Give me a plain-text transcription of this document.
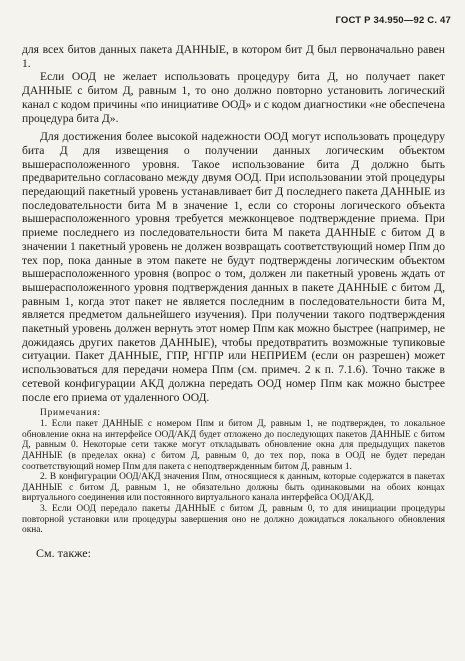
ГОСТ Р 34.950—92 С. 47

для всех битов данных пакета ДАННЫЕ, в котором бит Д был первоначально равен 1.

Если ООД не желает использовать процедуру бита Д, но получает пакет ДАННЫЕ с битом Д, равным 1, то оно должно повторно установить логический канал с кодом причины «по инициативе ООД» и с кодом диагностики «не обеспечена процедура бита Д».

Для достижения более высокой надежности ООД могут использовать процедуру бита Д для извещения о получении данных логическим объектом вышерасположенного уровня. Такое использование бита Д должно быть предварительно согласовано между двумя ООД. При использовании этой процедуры передающий пакетный уровень устанавливает бит Д последнего пакета ДАННЫЕ из последовательности бита М в значение 1, если со стороны логического объекта вышерасположенного уровня требуется межконцевое подтверждение приема. При приеме последнего из последовательности бита М пакета ДАННЫЕ с битом Д в значении 1 пакетный уровень не должен возвращать соответствующий номер Ппм до тех пор, пока данные в этом пакете не будут подтверждены логическим объектом вышерасположенного уровня (вопрос о том, должен ли пакетный уровень ждать от вышерасположенного уровня подтверждения данных в пакете ДАННЫЕ с битом Д, равным 1, когда этот пакет не является последним в последовательности бита М, является предметом дальнейшего изучения). При получении такого подтверждения пакетный уровень должен вернуть этот номер Ппм как можно быстрее (например, не дожидаясь других пакетов ДАННЫЕ), чтобы предотвратить возможные тупиковые ситуации. Пакет ДАННЫЕ, ГПР, НГПР или НЕПРИЕМ (если он разрешен) может использоваться для передачи номера Ппм (см. примеч. 2 к п. 7.1.6). Точно также в сетевой конфигурации АКД должна передать ООД номер Ппм как можно быстрее после его приема от удаленного ООД.

Примечания:

1. Если пакет ДАННЫЕ с номером Ппм и битом Д, равным 1, не подтвержден, то локальное обновление окна на интерфейсе ООД/АКД будет отложено до последующих пакетов ДАННЫЕ с битом Д, равным 0. Некоторые сети также могут откладывать обновление окна для предыдущих пакетов ДАННЫЕ (в пределах окна) с битом Д, равным 0, до тех пор, пока в ООД не будет передан соответствующий номер Ппм для пакета с неподтвержденным битом Д, равным 1.

2. В конфигурации ООД/АКД значения Ппм, относящиеся к данным, которые содержатся в пакетах ДАННЫЕ с битом Д, равным 1, не обязательно должны быть одинаковыми на обоих концах виртуального соединения или постоянного виртуального канала интерфейса ООД/АКД.

3. Если ООД передало пакеты ДАННЫЕ с битом Д, равным 0, то для инициации процедуры повторной установки или процедуры завершения оно не должно дожидаться локального обновления окна.

См. также:
